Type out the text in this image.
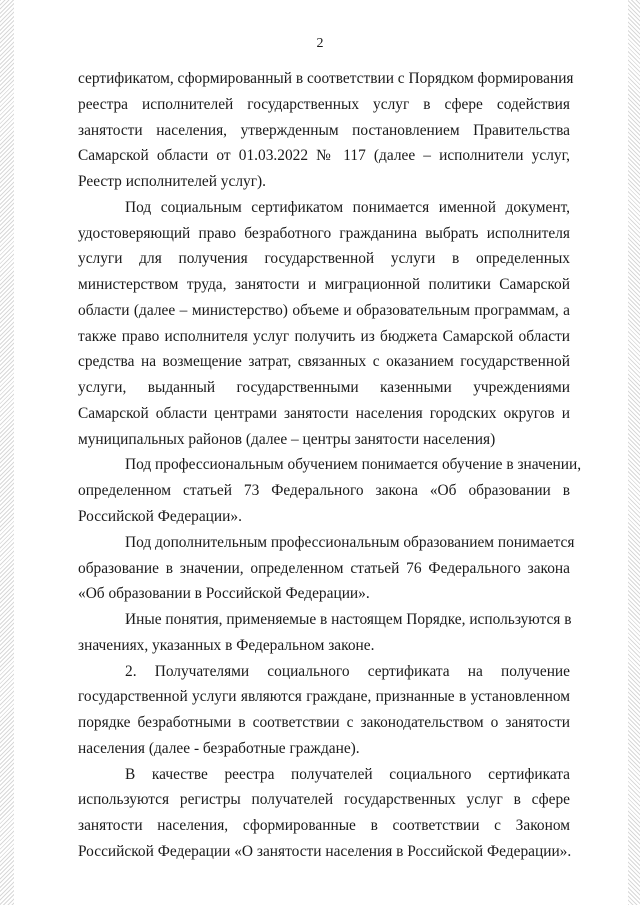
2
сертификатом, сформированный в соответствии с Порядком формирования
реестра исполнителей государственных услуг в сфере содействия
занятости населения, утвержденным постановлением Правительства
Самарской области от 01.03.2022 № 117 (далее – исполнители услуг,
Реестр исполнителей услуг).
Под социальным сертификатом понимается именной документ,
удостоверяющий право безработного гражданина выбрать исполнителя
услуги для получения государственной услуги в определенных
министерством труда, занятости и миграционной политики Самарской
области (далее – министерство) объеме и образовательным программам, а
также право исполнителя услуг получить из бюджета Самарской области
средства на возмещение затрат, связанных с оказанием государственной
услуги, выданный государственными казенными учреждениями
Самарской области центрами занятости населения городских округов и
муниципальных районов (далее – центры занятости населения)
Под профессиональным обучением понимается обучение в значении,
определенном статьей 73 Федерального закона «Об образовании в
Российской Федерации».
Под дополнительным профессиональным образованием понимается
образование в значении, определенном статьей 76 Федерального закона
«Об образовании в Российской Федерации».
Иные понятия, применяемые в настоящем Порядке, используются в
значениях, указанных в Федеральном законе.
2. Получателями социального сертификата на получение
государственной услуги являются граждане, признанные в установленном
порядке безработными в соответствии с законодательством о занятости
населения (далее - безработные граждане).
В качестве реестра получателей социального сертификата
используются регистры получателей государственных услуг в сфере
занятости населения, сформированные в соответствии с Законом
Российской Федерации «О занятости населения в Российской Федерации».
